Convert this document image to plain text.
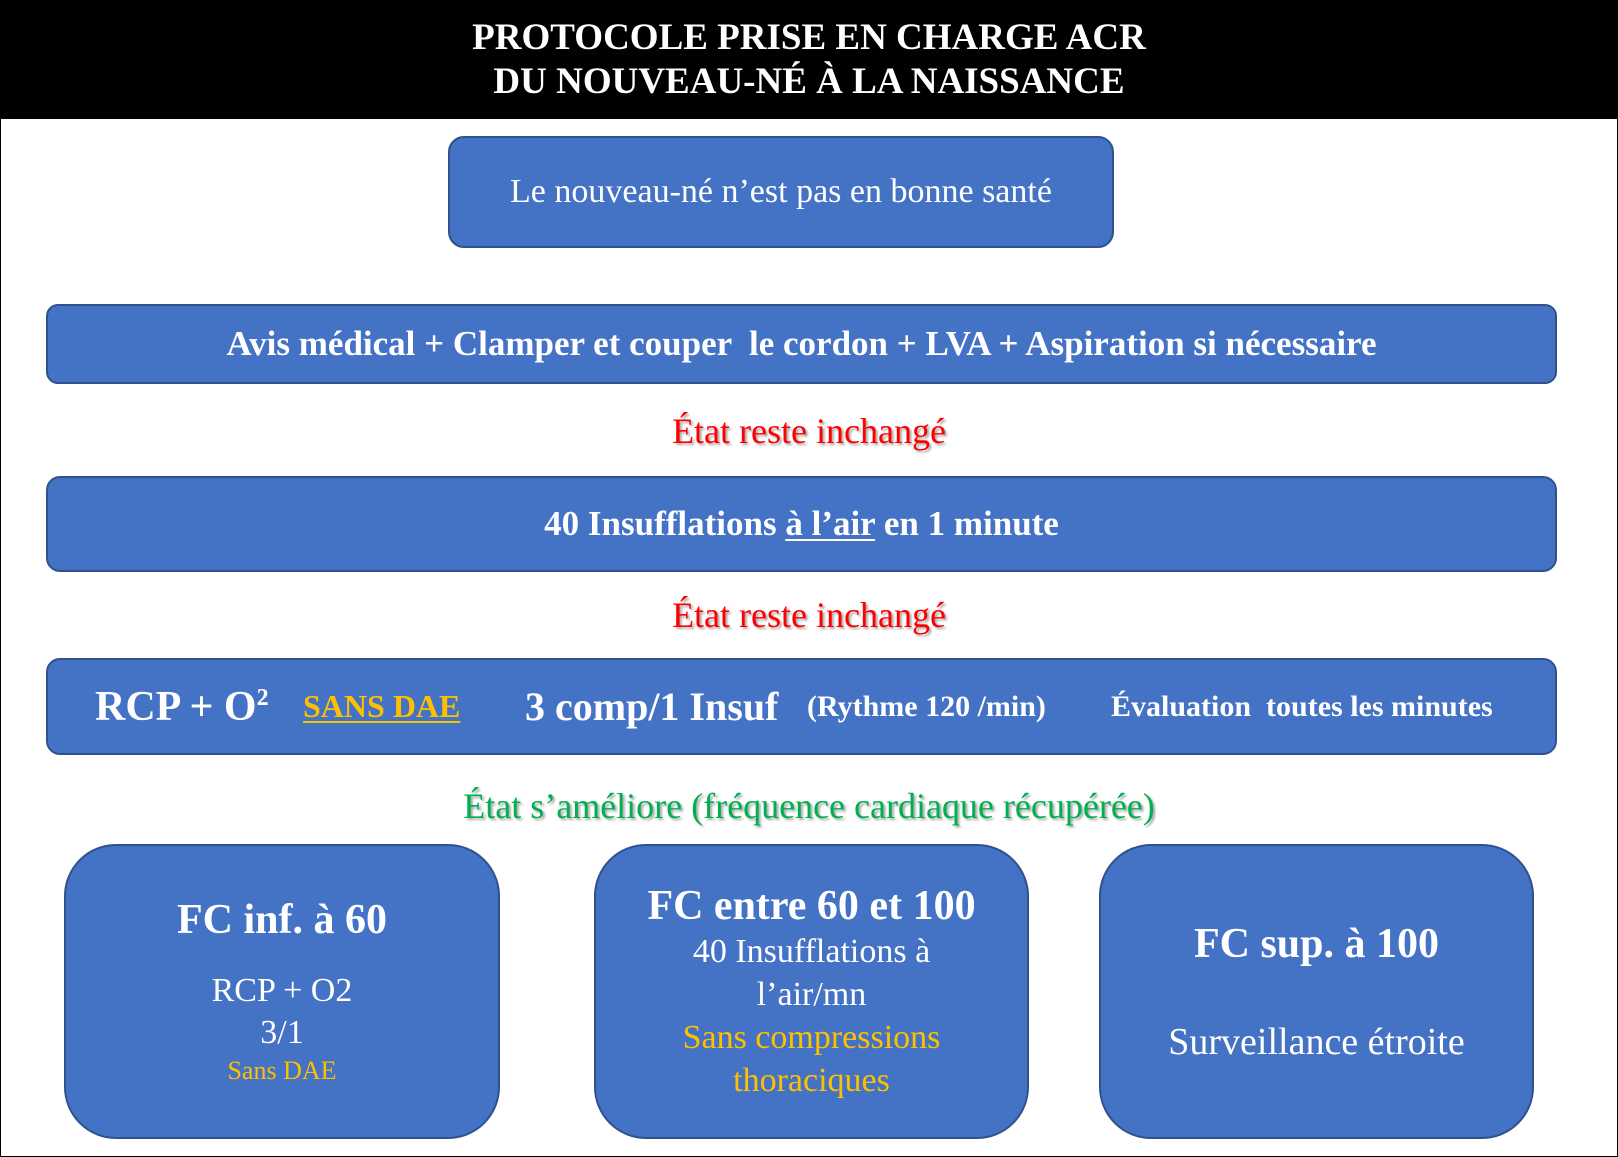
PROTOCOLE PRISE EN CHARGE ACR
DU NOUVEAU-NÉ À LA NAISSANCE
Le nouveau-né n’est pas en bonne santé
Avis médical + Clamper et couper  le cordon + LVA + Aspiration si nécessaire
État reste inchangé
40 Insufflations à l’air en 1 minute
État reste inchangé
RCP + $O^2$ SANS DAE 3 comp/1 Insuf (Rythme 120 /min) Évaluation  toutes les minutes
État s’améliore (fréquence cardiaque récupérée)
FC inf. à 60
RCP + O2
3/1
Sans DAE
FC entre 60 et 100
40 Insufflations à
l’air/mn
Sans compressions
thoraciques
FC sup. à 100
Surveillance étroite
